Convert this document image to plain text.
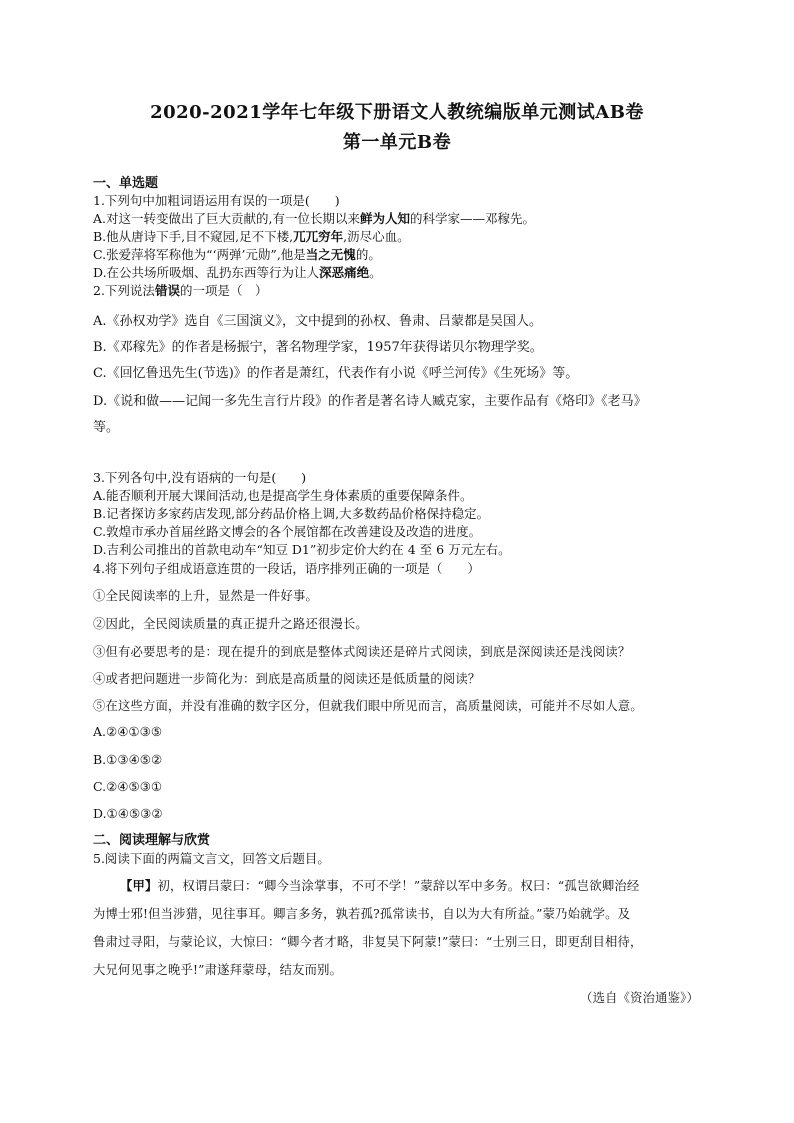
2020-2021学年七年级下册语文人教统编版单元测试AB卷
第一单元B卷
一、单选题
1.下列句中加粗词语运用有误的一项是(　　)
A.对这一转变做出了巨大贡献的,有一位长期以来鲜为人知的科学家——邓稼先。
B.他从唐诗下手,目不窥园,足不下楼,兀兀穷年,沥尽心血。
C.张爱萍将军称他为“‘两弹’元勋”,他是当之无愧的。
D.在公共场所吸烟、乱扔东西等行为让人深恶痛绝。
2.下列说法错误的一项是（　）
A.《孙权劝学》选自《三国演义》，文中提到的孙权、鲁肃、吕蒙都是吴国人。
B.《邓稼先》的作者是杨振宁，著名物理学家，1957年获得诺贝尔物理学奖。
C.《回忆鲁迅先生(节选)》的作者是萧红，代表作有小说《呼兰河传》《生死场》等。
D.《说和做——记闻一多先生言行片段》的作者是著名诗人臧克家，主要作品有《烙印》《老马》
等。
3.下列各句中,没有语病的一句是(　　)
A.能否顺利开展大课间活动,也是提高学生身体素质的重要保障条件。
B.记者探访多家药店发现,部分药品价格上调,大多数药品价格保持稳定。
C.敦煌市承办首届丝路文博会的各个展馆都在改善建设及改造的进度。
D.吉利公司推出的首款电动车“知豆 D1”初步定价大约在 4 至 6 万元左右。
4.将下列句子组成语意连贯的一段话，语序排列正确的一项是（　　）
①全民阅读率的上升，显然是一件好事。
②因此，全民阅读质量的真正提升之路还很漫长。
③但有必要思考的是：现在提升的到底是整体式阅读还是碎片式阅读，到底是深阅读还是浅阅读？
④或者把问题进一步简化为：到底是高质量的阅读还是低质量的阅读？
⑤在这些方面，并没有准确的数字区分，但就我们眼中所见而言，高质量阅读，可能并不尽如人意。
A.②④①③⑤
B.①③④⑤②
C.②④⑤③①
D.①④⑤③②
二、阅读理解与欣赏
5.阅读下面的两篇文言文，回答文后题目。
【甲】初，权谓吕蒙曰：“卿今当涂掌事，不可不学！”蒙辞以军中多务。权曰：“孤岂欲卿治经
为博士邪!但当涉猎，见往事耳。卿言多务，孰若孤?孤常读书，自以为大有所益。”蒙乃始就学。及
鲁肃过寻阳，与蒙论议，大惊曰：“卿今者才略，非复吴下阿蒙!”蒙曰：“士别三日，即更刮目相待，
大兄何见事之晚乎!”肃遂拜蒙母，结友而别。
（选自《资治通鉴》）
